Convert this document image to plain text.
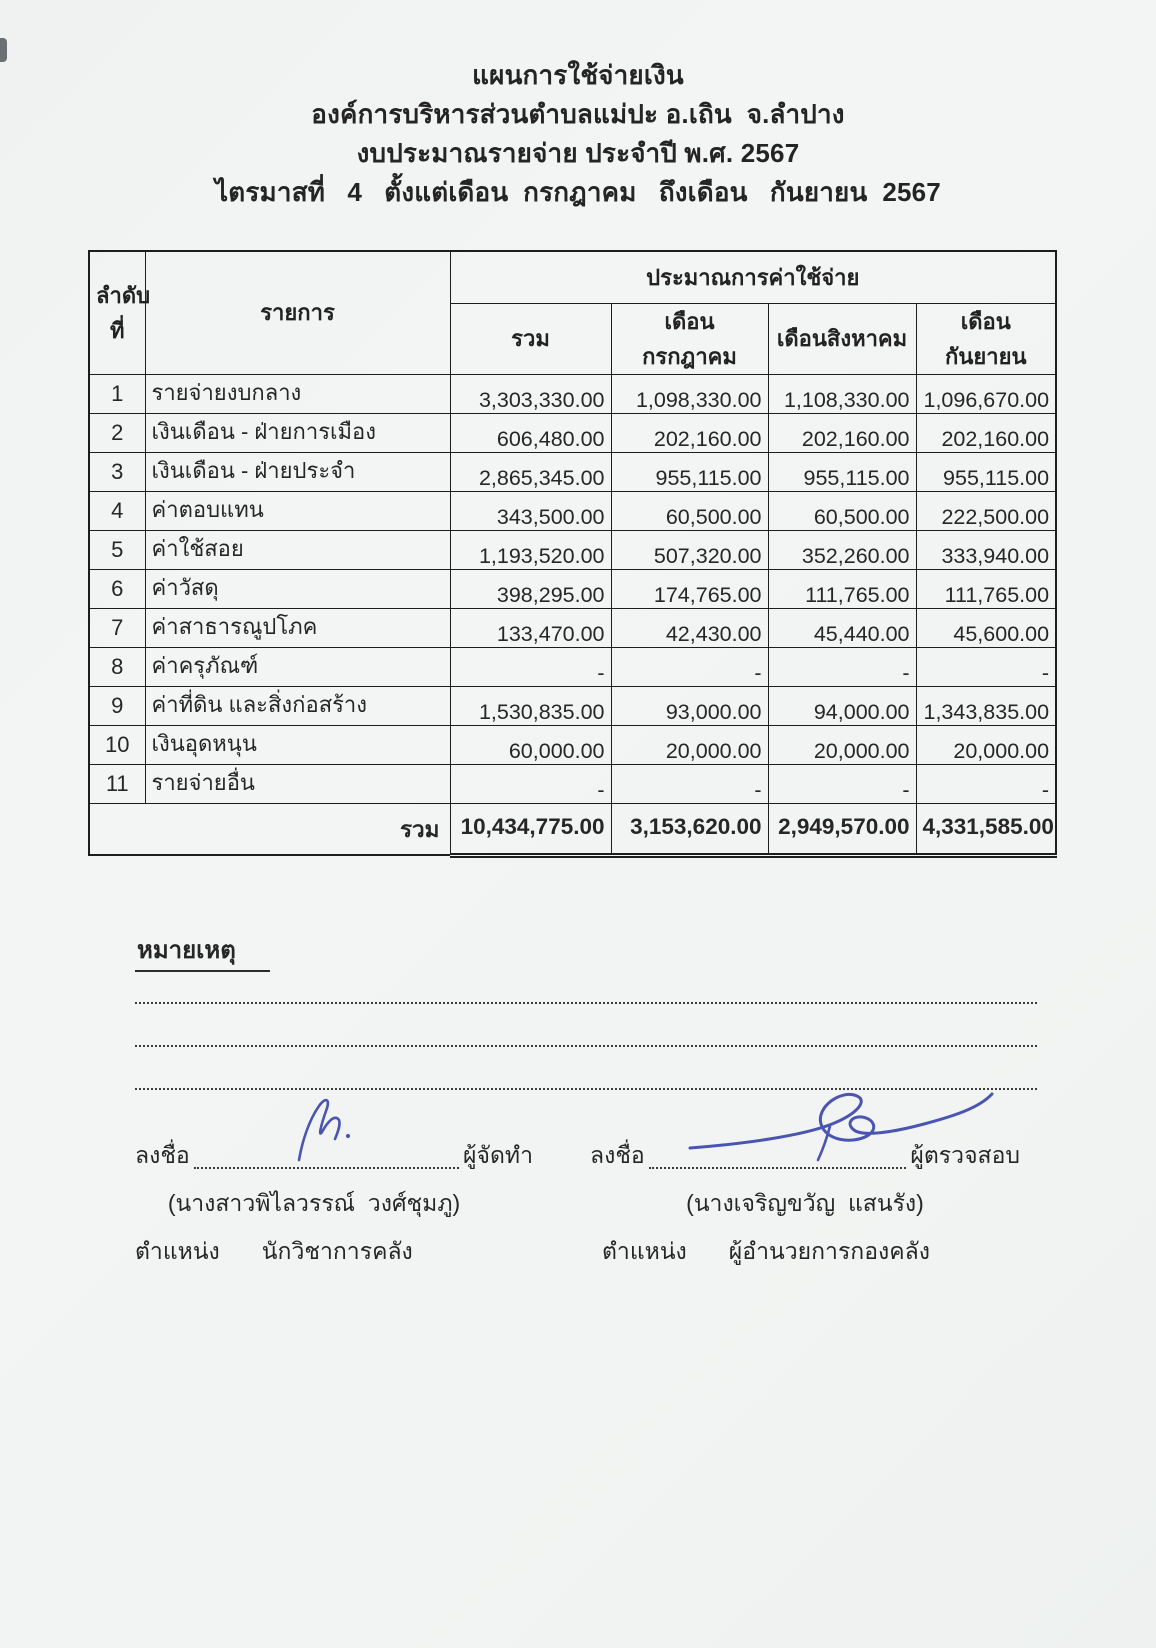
แผนการใช้จ่ายเงิน
องค์การบริหารส่วนตำบลแม่ปะ อ.เถิน  จ.ลำปาง
งบประมาณรายจ่าย ประจำปี พ.ศ. 2567
ไตรมาสที่   4   ตั้งแต่เดือน  กรกฎาคม   ถึงเดือน   กันยายน  2567
ลำดับที่	รายการ	ประมาณการค่าใช้จ่าย			
		รวม	เดือนกรกฎาคม	เดือนสิงหาคม	เดือนกันยายน
1	รายจ่ายงบกลาง	3,303,330.00	1,098,330.00	1,108,330.00	1,096,670.00
2	เงินเดือน - ฝ่ายการเมือง	606,480.00	202,160.00	202,160.00	202,160.00
3	เงินเดือน - ฝ่ายประจำ	2,865,345.00	955,115.00	955,115.00	955,115.00
4	ค่าตอบแทน	343,500.00	60,500.00	60,500.00	222,500.00
5	ค่าใช้สอย	1,193,520.00	507,320.00	352,260.00	333,940.00
6	ค่าวัสดุ	398,295.00	174,765.00	111,765.00	111,765.00
7	ค่าสาธารณูปโภค	133,470.00	42,430.00	45,440.00	45,600.00
8	ค่าครุภัณฑ์	-	-	-	-
9	ค่าที่ดิน และสิ่งก่อสร้าง	1,530,835.00	93,000.00	94,000.00	1,343,835.00
10	เงินอุดหนุน	60,000.00	20,000.00	20,000.00	20,000.00
11	รายจ่ายอื่น	-	-	-	-
	รวม	10,434,775.00	3,153,620.00	2,949,570.00	4,331,585.00
หมายเหตุ
ลงชื่อ	ผู้จัดทำ
(นางสาวพิไลวรรณ์  วงศ์ชุมภู)
ตำแหน่ง นักวิชาการคลัง
ลงชื่อ	ผู้ตรวจสอบ
(นางเจริญขวัญ  แสนรัง)
ตำแหน่ง ผู้อำนวยการกองคลัง
